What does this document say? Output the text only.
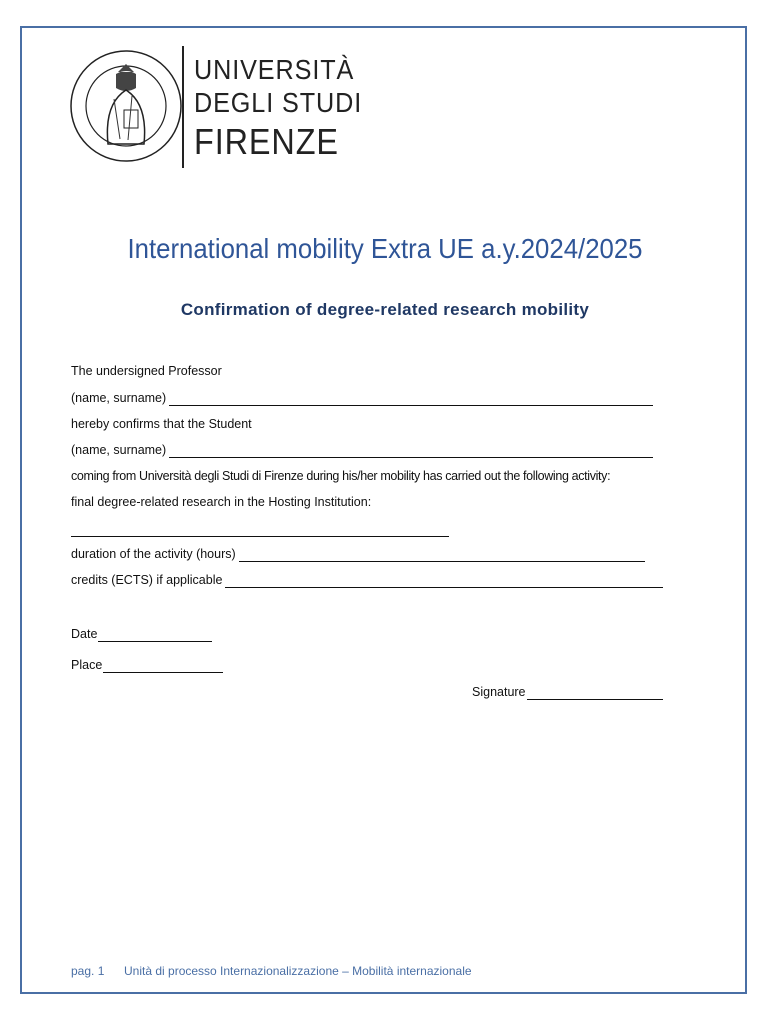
UNIVERSITÀ
DEGLI STUDI
FIRENZE
International mobility Extra UE a.y.2024/2025
Confirmation of degree-related research mobility
The undersigned Professor
(name, surname)
hereby confirms that the Student
(name, surname)
coming from Università degli Studi di Firenze during his/her mobility has carried out the following activity:
final degree-related research in the Hosting Institution:
duration of the activity (hours)
credits (ECTS) if applicable
Date
Place
Signature
pag. 1 Unità di processo Internazionalizzazione – Mobilità internazionale
